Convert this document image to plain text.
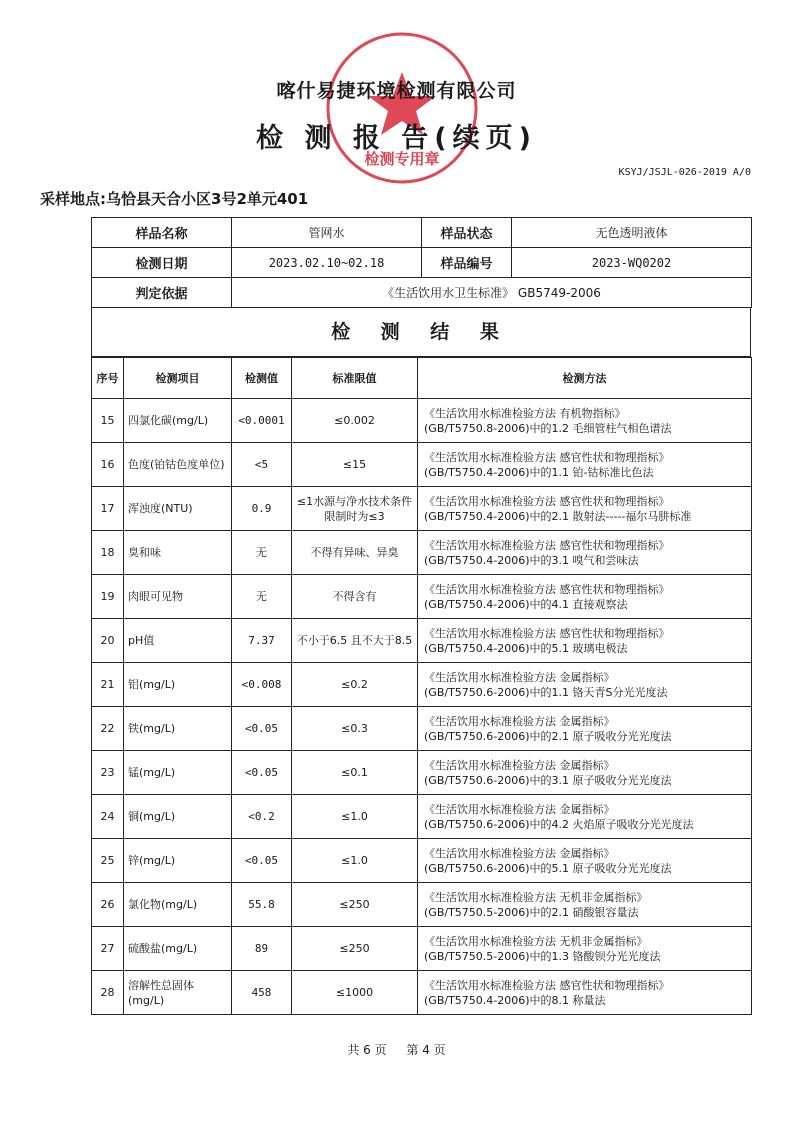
检测专用章
喀什易捷环境检测有限公司
检 测 报 告(续页)
KSYJ/JSJL-026-2019 A/0
采样地点:乌恰县天合小区3号2单元401
样品名称	管网水	样品状态	无色透明液体
检测日期	2023.02.10~02.18	样品编号	2023-WQ0202
判定依据	《生活饮用水卫生标准》 GB5749-2006		
检 测 结 果
序号	检测项目	检测值	标准限值	检测方法
15	四氯化碳(mg/L)	<0.0001	≤0.002	《生活饮用水标准检验方法 有机物指标》
(GB/T5750.8-2006)中的1.2 毛细管柱气相色谱法

16	色度(铂钴色度单位)	<5	≤15	《生活饮用水标准检验方法 感官性状和物理指标》
(GB/T5750.4-2006)中的1.1 铂-钴标准比色法

17	浑浊度(NTU)	0.9	≤1水源与净水技术条件限制时为≤3	《生活饮用水标准检验方法 感官性状和物理指标》
(GB/T5750.4-2006)中的2.1 散射法-----福尔马肼标准

18	臭和味	无	不得有异味、异臭	《生活饮用水标准检验方法 感官性状和物理指标》
(GB/T5750.4-2006)中的3.1 嗅气和尝味法

19	肉眼可见物	无	不得含有	《生活饮用水标准检验方法 感官性状和物理指标》
(GB/T5750.4-2006)中的4.1 直接观察法

20	pH值	7.37	不小于6.5 且不大于8.5	《生活饮用水标准检验方法 感官性状和物理指标》
(GB/T5750.4-2006)中的5.1 玻璃电极法

21	铝(mg/L)	<0.008	≤0.2	《生活饮用水标准检验方法 金属指标》
(GB/T5750.6-2006)中的1.1 铬天青S分光光度法

22	铁(mg/L)	<0.05	≤0.3	《生活饮用水标准检验方法 金属指标》
(GB/T5750.6-2006)中的2.1 原子吸收分光光度法

23	锰(mg/L)	<0.05	≤0.1	《生活饮用水标准检验方法 金属指标》
(GB/T5750.6-2006)中的3.1 原子吸收分光光度法

24	铜(mg/L)	<0.2	≤1.0	《生活饮用水标准检验方法 金属指标》
(GB/T5750.6-2006)中的4.2 火焰原子吸收分光光度法

25	锌(mg/L)	<0.05	≤1.0	《生活饮用水标准检验方法 金属指标》
(GB/T5750.6-2006)中的5.1 原子吸收分光光度法

26	氯化物(mg/L)	55.8	≤250	《生活饮用水标准检验方法 无机非金属指标》
(GB/T5750.5-2006)中的2.1 硝酸银容量法

27	硫酸盐(mg/L)	89	≤250	《生活饮用水标准检验方法 无机非金属指标》
(GB/T5750.5-2006)中的1.3 铬酸钡分光光度法

28	溶解性总固体(mg/L)	458	≤1000	《生活饮用水标准检验方法 感官性状和物理指标》
(GB/T5750.4-2006)中的8.1 称量法
共 6 页 第 4 页
